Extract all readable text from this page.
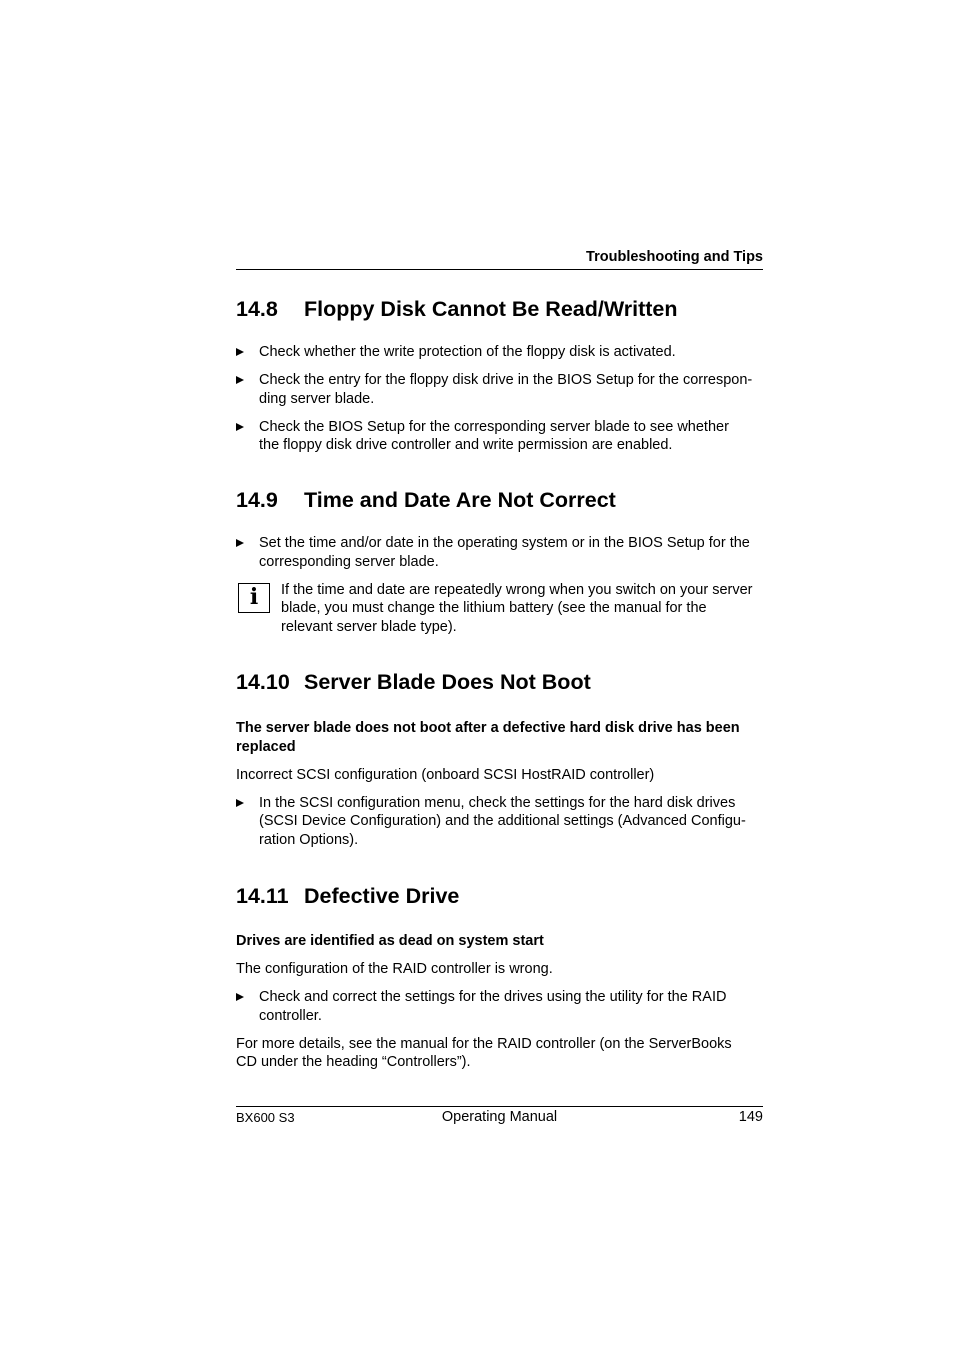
Troubleshooting and Tips
14.8 Floppy Disk Cannot Be Read/Written
Check whether the write protection of the floppy disk is activated.
Check the entry for the floppy disk drive in the BIOS Setup for the correspon-
ding server blade.
Check the BIOS Setup for the corresponding server blade to see whether
the floppy disk drive controller and write permission are enabled.
14.9 Time and Date Are Not Correct
Set the time and/or date in the operating system or in the BIOS Setup for the
corresponding server blade.
i	If the time and date are repeatedly wrong when you switch on your server
blade, you must change the lithium battery (see the manual for the
relevant server blade type).
14.10 Server Blade Does Not Boot

The server blade does not boot after a defective hard disk drive has been
replaced

Incorrect SCSI configuration (onboard SCSI HostRAID controller)

In the SCSI configuration menu, check the settings for the hard disk drives
(SCSI Device Configuration) and the additional settings (Advanced Configu-
ration Options).
14.11 Defective Drive

Drives are identified as dead on system start

The configuration of the RAID controller is wrong.

Check and correct the settings for the drives using the utility for the RAID
controller.

For more details, see the manual for the RAID controller (on the ServerBooks
CD under the heading “Controllers”).

BX600 S3	Operating Manual	149
